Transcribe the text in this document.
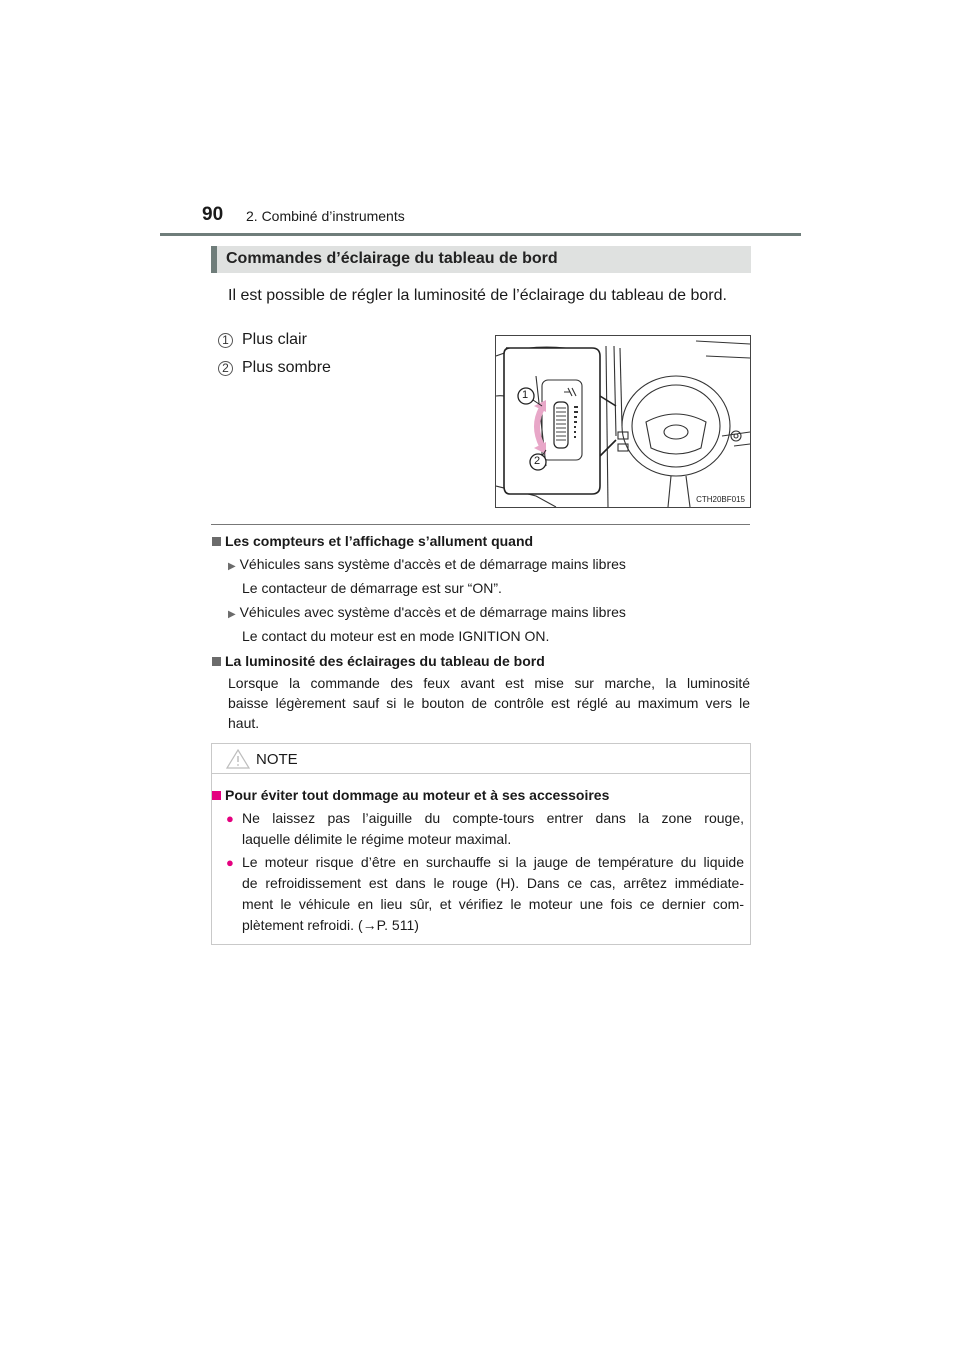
90 2. Combiné d’instruments
Commandes d’éclairage du tableau de bord
Il est possible de régler la luminosité de l’éclairage du tableau de bord.
1 Plus clair
2 Plus sombre
1
2
CTH20BF015
Les compteurs et l’affichage s’allument quand
▶ Véhicules sans système d'accès et de démarrage mains libres
Le contacteur de démarrage est sur “ON”.
▶ Véhicules avec système d'accès et de démarrage mains libres
Le contact du moteur est en mode IGNITION ON.
La luminosité des éclairages du tableau de bord
Lorsque la commande des feux avant est mise sur marche, la luminosité
baisse légèrement sauf si le bouton de contrôle est réglé au maximum vers le
haut.
NOTE
Pour éviter tout dommage au moteur et à ses accessoires
● Ne laissez pas l’aiguille du compte-tours entrer dans la zone rouge,
laquelle délimite le régime moteur maximal.
● Le moteur risque d’être en surchauffe si la jauge de température du liquide
de refroidissement est dans le rouge (H). Dans ce cas, arrêtez immédiate-
ment le véhicule en lieu sûr, et vérifiez le moteur une fois ce dernier com-
plètement refroidi. (→P. 511)
